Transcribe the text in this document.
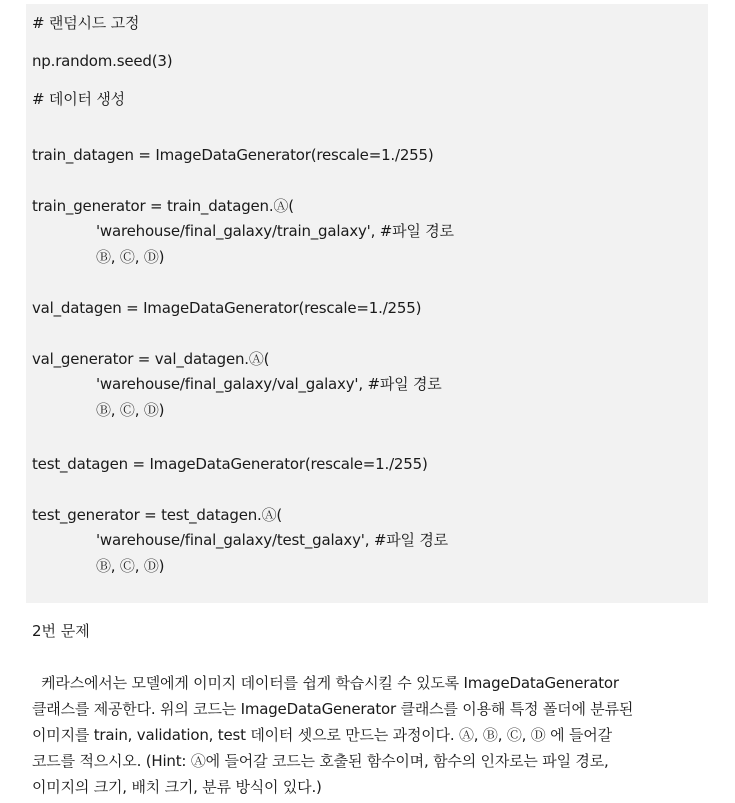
# 랜덤시드 고정
np.random.seed(3)
# 데이터 생성
train_datagen = ImageDataGenerator(rescale=1./255)
train_generator = train_datagen.Ⓐ(
'warehouse/final_galaxy/train_galaxy', #파일 경로
Ⓑ, Ⓒ, Ⓓ)
val_datagen = ImageDataGenerator(rescale=1./255)
val_generator = val_datagen.Ⓐ(
'warehouse/final_galaxy/val_galaxy', #파일 경로
Ⓑ, Ⓒ, Ⓓ)
test_datagen = ImageDataGenerator(rescale=1./255)
test_generator = test_datagen.Ⓐ(
'warehouse/final_galaxy/test_galaxy', #파일 경로
Ⓑ, Ⓒ, Ⓓ)
2번 문제
케라스에서는 모델에게 이미지 데이터를 쉽게 학습시킬 수 있도록 ImageDataGenerator
클래스를 제공한다. 위의 코드는 ImageDataGenerator 클래스를 이용해 특정 폴더에 분류된
이미지를 train, validation, test 데이터 셋으로 만드는 과정이다. Ⓐ, Ⓑ, Ⓒ, Ⓓ 에 들어갈
코드를 적으시오. (Hint: Ⓐ에 들어갈 코드는 호출된 함수이며, 함수의 인자로는 파일 경로,
이미지의 크기, 배치 크기, 분류 방식이 있다.)
